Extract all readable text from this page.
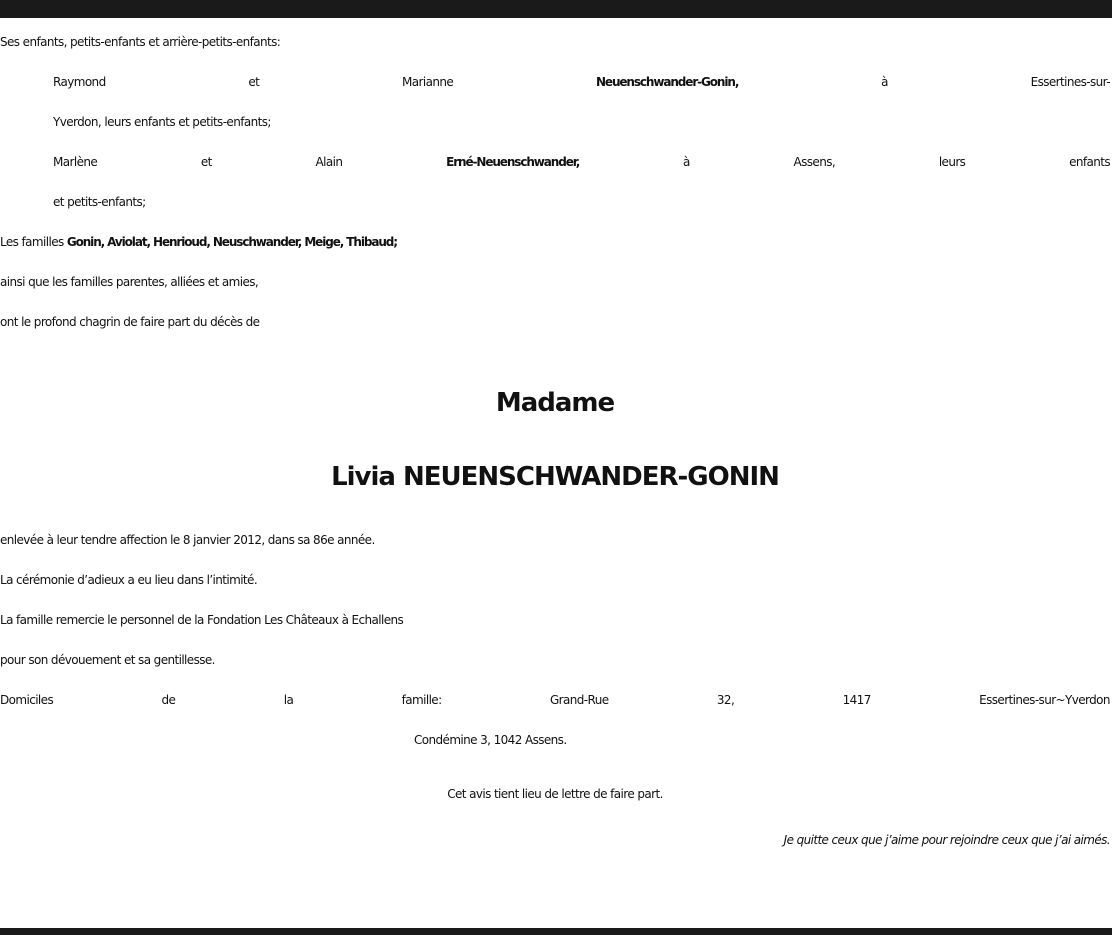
Ses enfants, petits-enfants et arrière-petits-enfants:
Raymond et Marianne Neuenschwander-Gonin, à Essertines-sur-
Yverdon, leurs enfants et petits-enfants;
Marlène et Alain Erné-Neuenschwander, à Assens, leurs enfants
et petits-enfants;
Les familles Gonin, Aviolat, Henrioud, Neuschwander, Meige, Thibaud;
ainsi que les familles parentes, alliées et amies,
ont le profond chagrin de faire part du décès de
Madame
Livia NEUENSCHWANDER-GONIN
enlevée à leur tendre affection le 8 janvier 2012, dans sa 86e année.
La cérémonie d’adieux a eu lieu dans l’intimité.
La famille remercie le personnel de la Fondation Les Châteaux à Echallens
pour son dévouement et sa gentillesse.
Domiciles	de	la	famille:	Grand-Rue	32,	1417	Essertines-sur~Yverdon
Condémine 3, 1042 Assens.
Cet avis tient lieu de lettre de faire part.
Je quitte ceux que j’aime pour rejoindre ceux que j’ai aimés.
